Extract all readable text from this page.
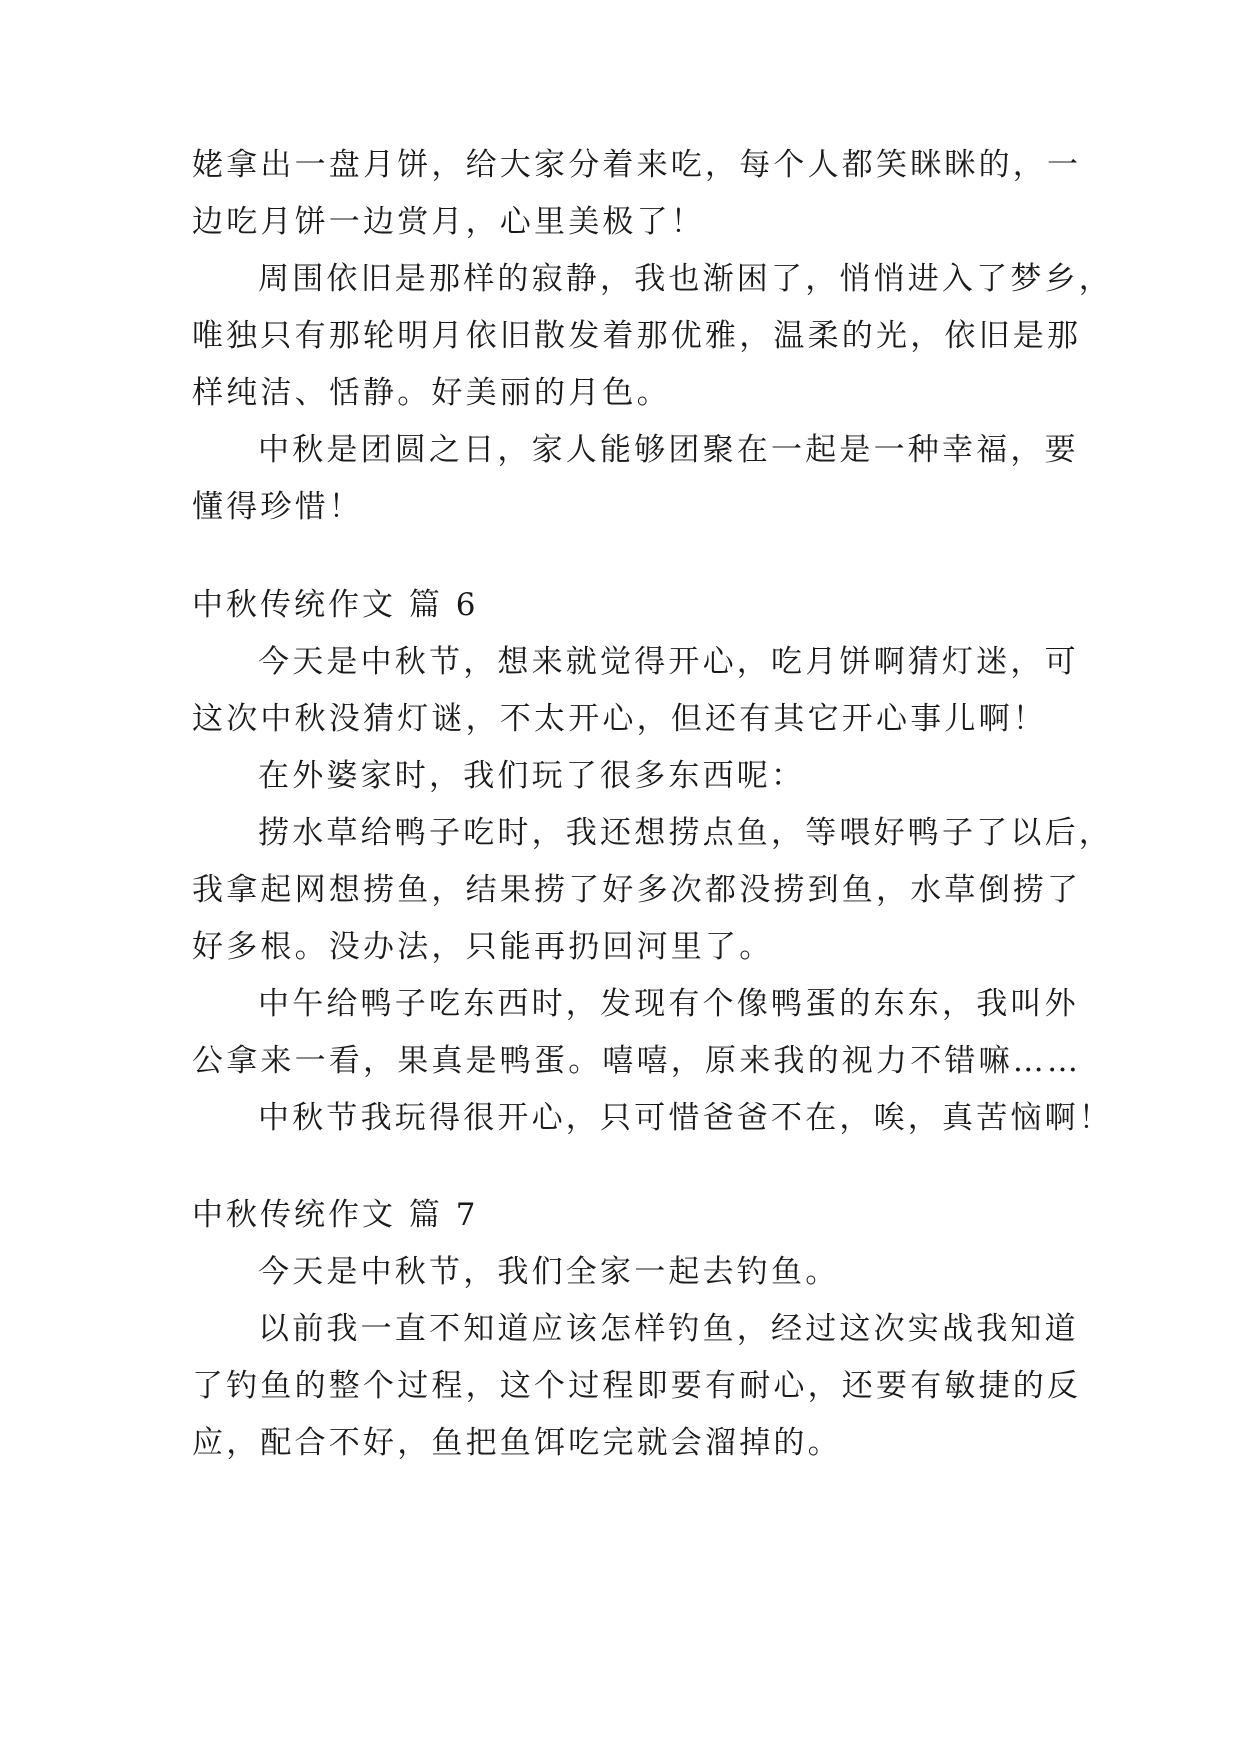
姥拿出一盘月饼，给大家分着来吃，每个人都笑眯眯的，一
边吃月饼一边赏月，心里美极了！
周围依旧是那样的寂静，我也渐困了，悄悄进入了梦乡，
唯独只有那轮明月依旧散发着那优雅，温柔的光，依旧是那
样纯洁、恬静。好美丽的月色。
中秋是团圆之日，家人能够团聚在一起是一种幸福，要
懂得珍惜！
中秋传统作文 篇 6
今天是中秋节，想来就觉得开心，吃月饼啊猜灯迷，可
这次中秋没猜灯谜，不太开心，但还有其它开心事儿啊！
在外婆家时，我们玩了很多东西呢：
捞水草给鸭子吃时，我还想捞点鱼，等喂好鸭子了以后，
我拿起网想捞鱼，结果捞了好多次都没捞到鱼，水草倒捞了
好多根。没办法，只能再扔回河里了。
中午给鸭子吃东西时，发现有个像鸭蛋的东东，我叫外
公拿来一看，果真是鸭蛋。嘻嘻，原来我的视力不错嘛……
中秋节我玩得很开心，只可惜爸爸不在，唉，真苦恼啊！
中秋传统作文 篇 7
今天是中秋节，我们全家一起去钓鱼。
以前我一直不知道应该怎样钓鱼，经过这次实战我知道
了钓鱼的整个过程，这个过程即要有耐心，还要有敏捷的反
应，配合不好，鱼把鱼饵吃完就会溜掉的。
